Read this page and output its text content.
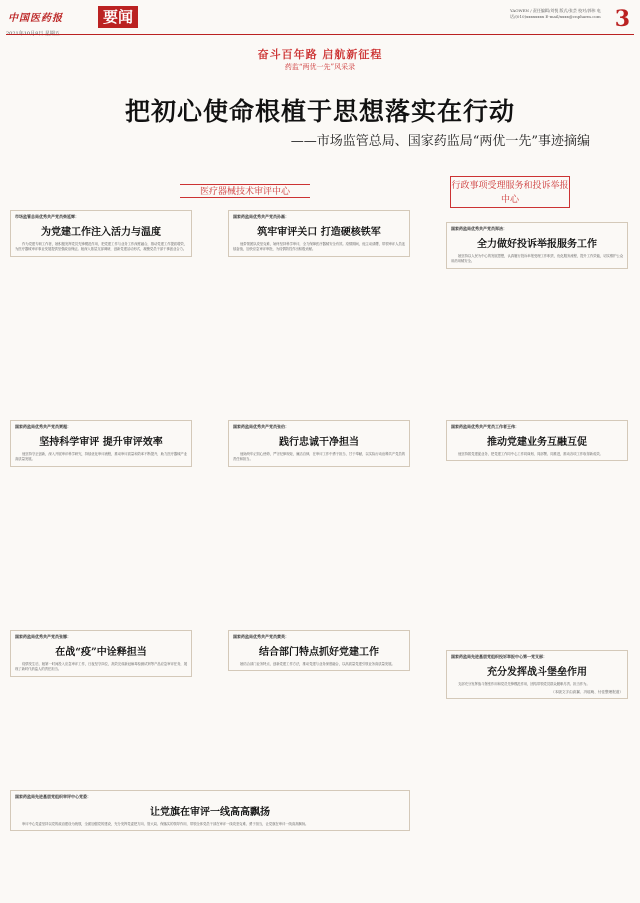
中国医药报	要闻	YAOWEN / 责任编辑/刘悦 版式/张芸 校对/郭伟 电话/(010)xxxxxxxx E-mail/xxxx@cnpharm.com 3
奋斗百年路 启航新征程
药监“两优一先”风采录
把初心使命根植于思想落实在行动
——市场监管总局、国家药监局“两优一先”事迹摘编
医疗器械技术审评中心
行政事项受理服务和投诉举报中心
市场监管总局优秀共产党员柴延辉：
为党建工作注入活力与温度
作为党建专职工作者，她积极发挥党员先锋模范作用，把党建工作与业务工作深度融合，推动党建工作提质增效，为医疗器械审评事业发展提供坚强政治保证。她深入基层支部调研，创新党建活动形式，凝聚党员干部干事创业合力。
国家药监局优秀共产党员孙磊：
筑牢审评关口 打造硬核铁军
他带领团队攻坚克难，始终坚持科学审评，全力保障医疗器械安全有效。疫情期间，他主动请缨，带领审评人员连续奋战，加快应急审评审批，为疫情防控作出积极贡献。
国家药监局优秀共产党员郑洁：
全力做好投诉举报服务工作
她坚持以人民为中心的发展思想，认真履行投诉举报受理工作职责，优化服务流程，提升工作效能，切实维护公众用药用械安全。
国家药监局优秀共产党员贾超：
坚持科学审评 提升审评效率
他坚持守正创新，深入开展审评科学研究，持续优化审评流程，推动审评质量和效率不断提升，助力医疗器械产业高质量发展。
国家药监局优秀共产党员张伯：
践行忠诚干净担当
他始终牢记初心使命，严守纪律规矩，廉洁自律，在审评工作中勇于担当、甘于奉献，以实际行动诠释共产党员的责任和担当。
国家药监局优秀共产党员工作者王伟：
推动党建业务互融互促
他坚持抓党建促业务，把党建工作同中心工作同谋划、同部署、同推进，推动各项工作取得新成效。
国家药监局优秀共产党员张娜：
在战“疫”中诠释担当
疫情发生后，她第一时间投入应急审评工作，日夜坚守岗位，高效完成新冠病毒检测试剂等产品应急审评任务，展现了新时代药监人的责任担当。
国家药监局优秀共产党员黄英：
结合部门特点抓好党建工作
她结合部门业务特点，创新党建工作方法，推动党建与业务深度融合，以高质量党建引领业务高质量发展。
国家药监局先进基层党组织投诉举报中心第一党支部：
充分发挥战斗堡垒作用
支部充分发挥战斗堡垒作用和党员先锋模范作用，团结带领党员群众履职尽责、担当作为。
（本版文字由高翼、冯瑶萌、付佳整理报道）
国家药监局先进基层党组织审评中心党委：
让党旗在审评一线高高飘扬
审评中心党委坚持以党的政治建设为统领，全面加强党的建设，充分发挥党委把方向、管大局、保落实的领导作用，带领全体党员干部在审评一线攻坚克难、勇于担当，让党旗在审评一线高高飘扬。
